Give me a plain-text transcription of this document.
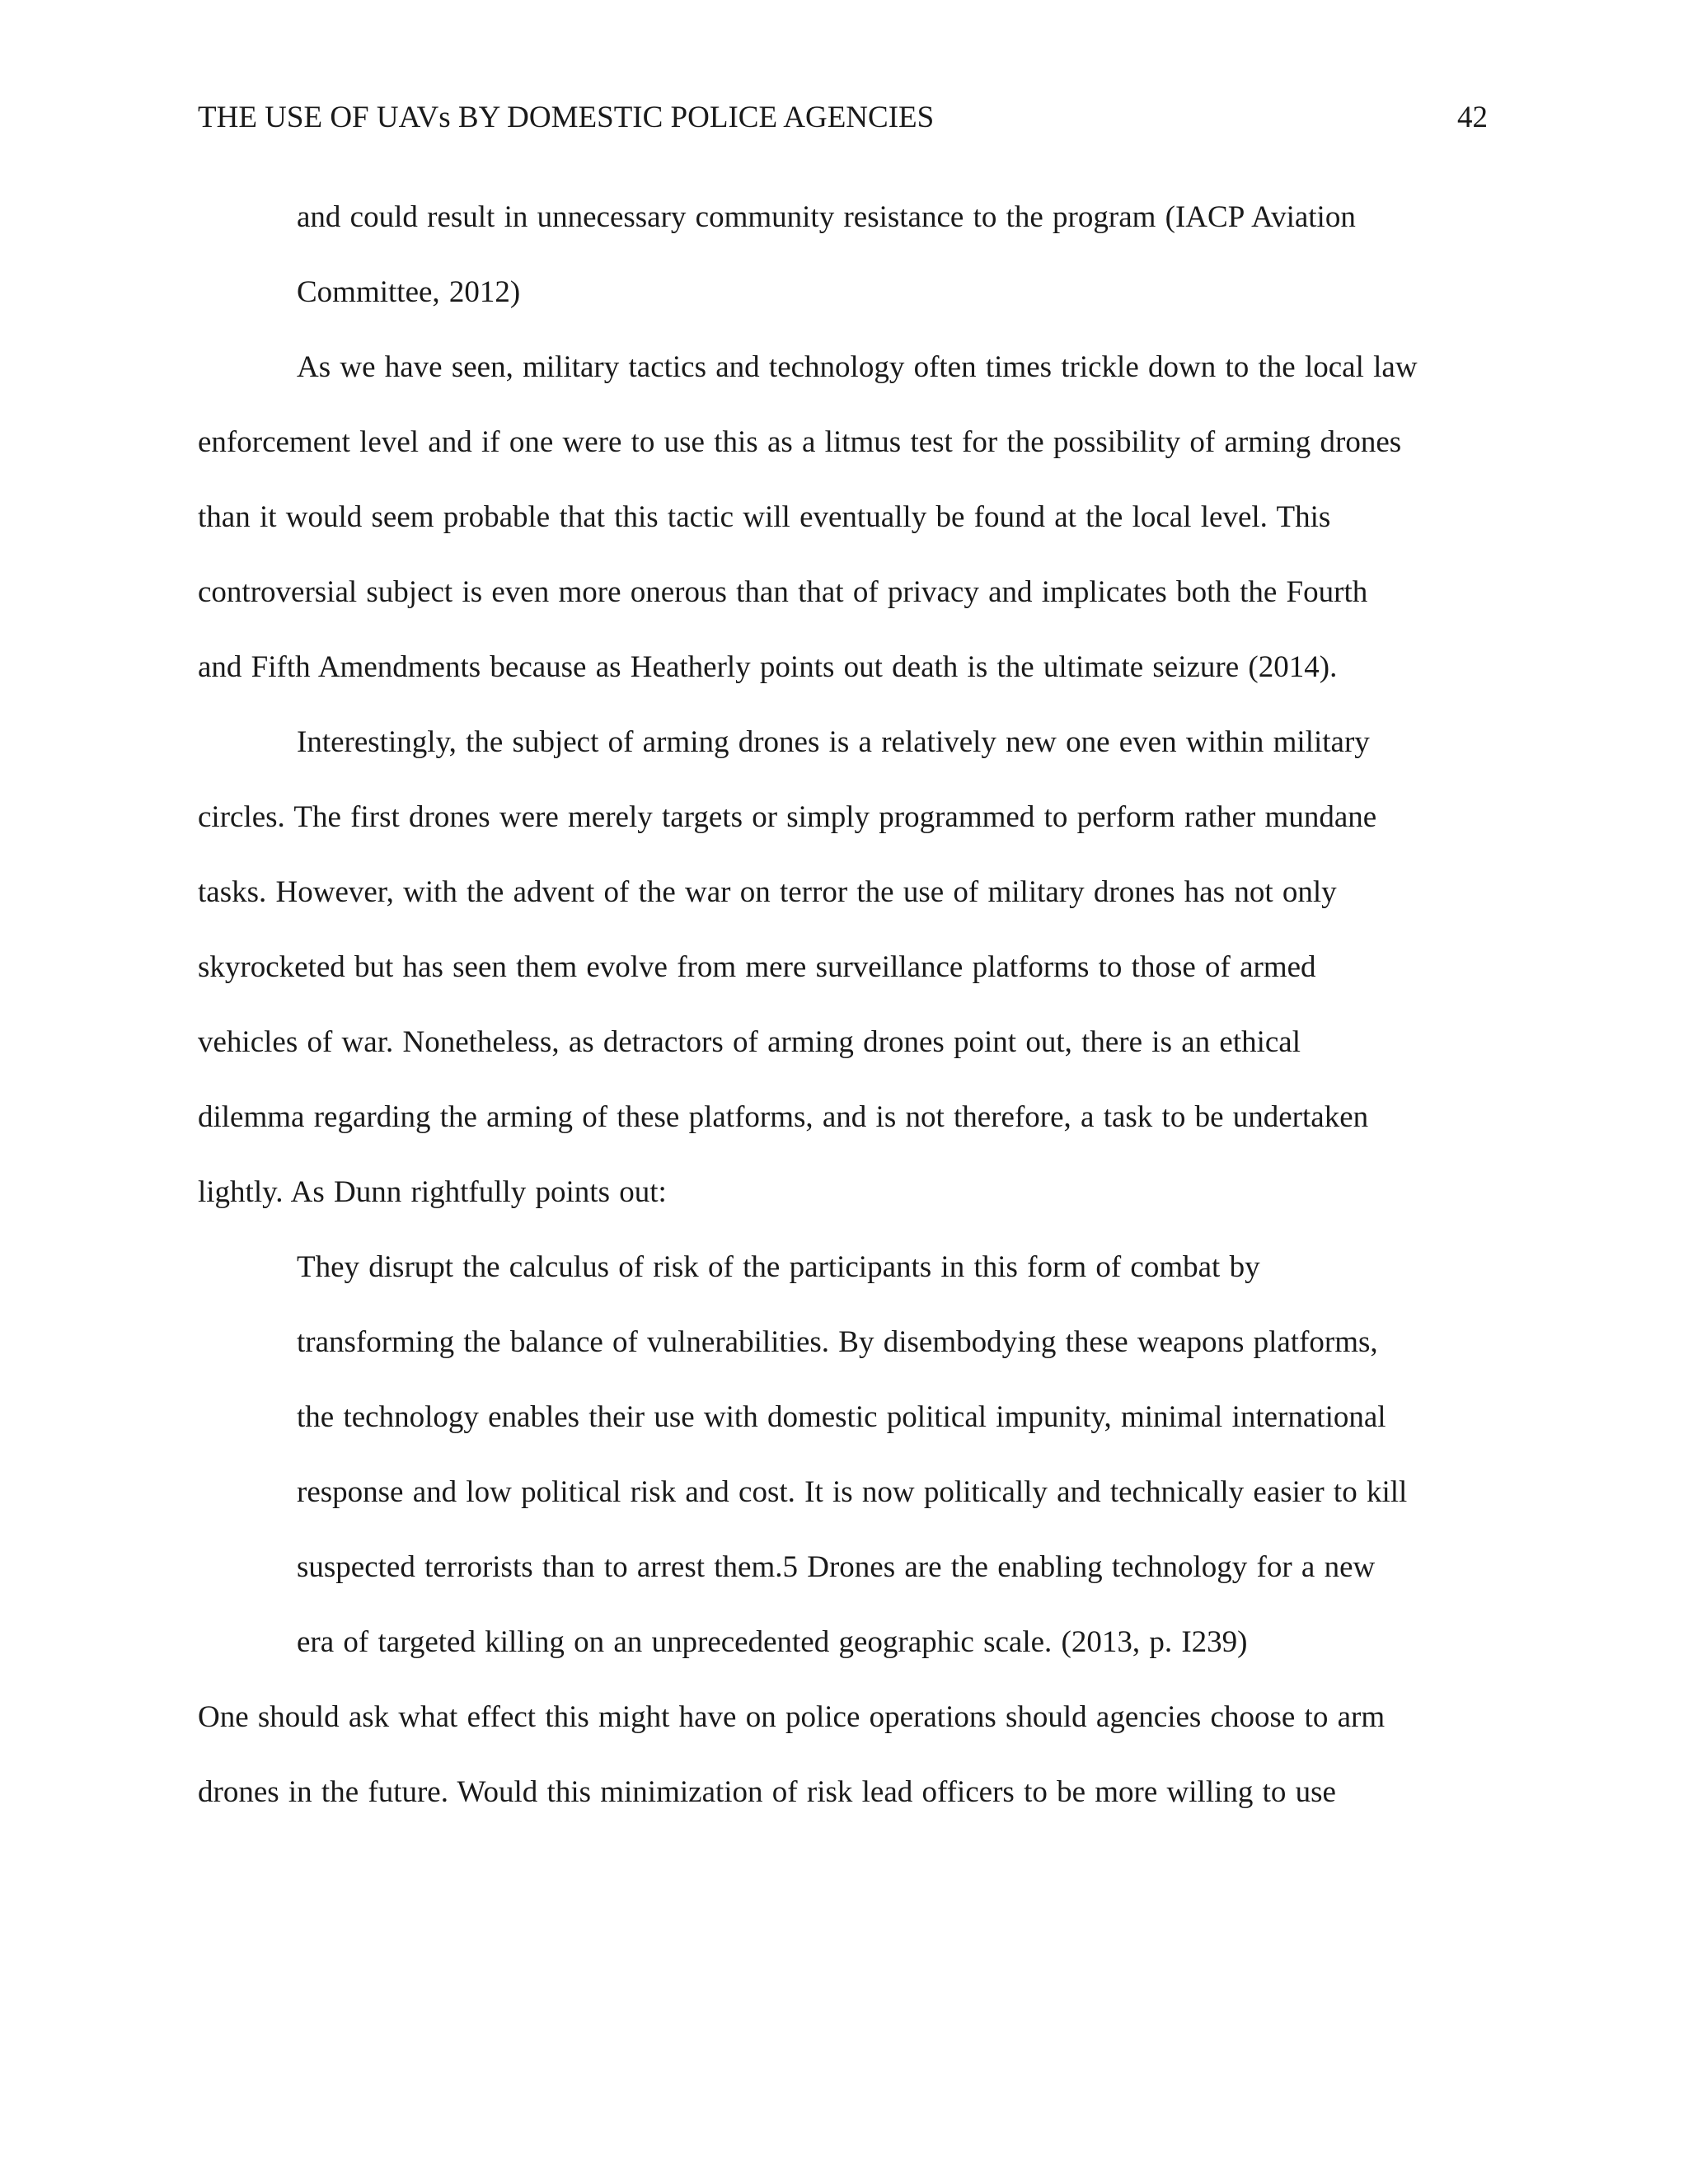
THE USE OF UAVs BY DOMESTIC POLICE AGENCIES	42
and could result in unnecessary community resistance to the program (IACP Aviation
Committee, 2012)
As we have seen, military tactics and technology often times trickle down to the local law
enforcement level and if one were to use this as a litmus test for the possibility of arming drones
than it would seem probable that this tactic will eventually be found at the local level. This
controversial subject is even more onerous than that of privacy and implicates both the Fourth
and Fifth Amendments because as Heatherly points out death is the ultimate seizure (2014).
Interestingly, the subject of arming drones is a relatively new one even within military
circles. The first drones were merely targets or simply programmed to perform rather mundane
tasks. However, with the advent of the war on terror the use of military drones has not only
skyrocketed but has seen them evolve from mere surveillance platforms to those of armed
vehicles of war. Nonetheless, as detractors of arming drones point out, there is an ethical
dilemma regarding the arming of these platforms, and is not therefore, a task to be undertaken
lightly. As Dunn rightfully points out:
They disrupt the calculus of risk of the participants in this form of combat by
transforming the balance of vulnerabilities. By disembodying these weapons platforms,
the technology enables their use with domestic political impunity, minimal international
response and low political risk and cost. It is now politically and technically easier to kill
suspected terrorists than to arrest them.5 Drones are the enabling technology for a new
era of targeted killing on an unprecedented geographic scale. (2013, p. I239)
One should ask what effect this might have on police operations should agencies choose to arm
drones in the future. Would this minimization of risk lead officers to be more willing to use
